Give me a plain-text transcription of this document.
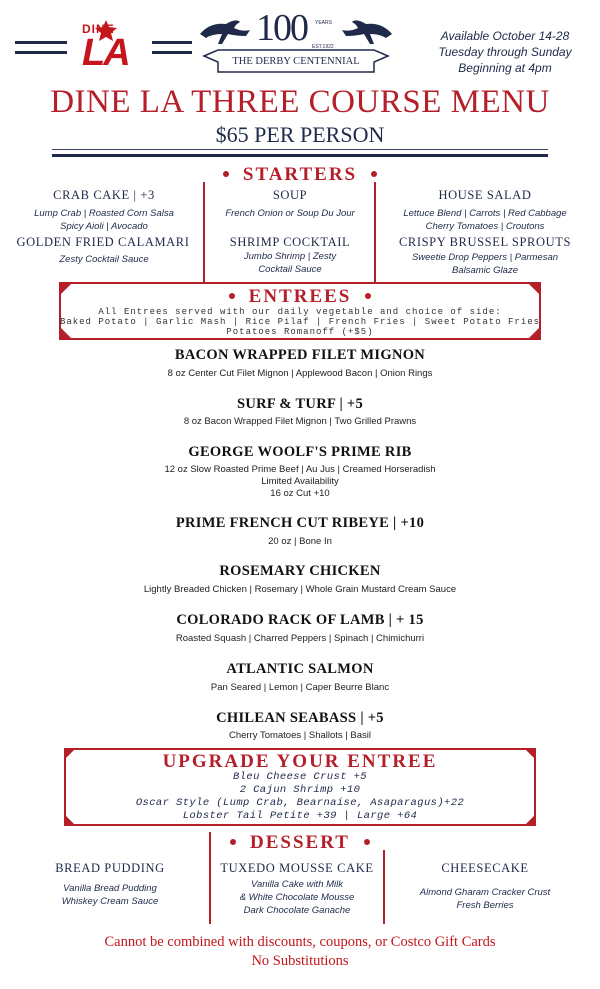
DINE
LA
100 YEARS
EST.1922
THE DERBY CENTENNIAL
Available October 14-28
Tuesday through Sunday
Beginning at 4pm
DINE LA THREE COURSE MENU
$65 PER PERSON
STARTERS
CRAB CAKE | +3
Lump Crab | Roasted Corn Salsa
Spicy Aioli | Avocado
GOLDEN FRIED CALAMARI
Zesty Cocktail Sauce
SOUP
French Onion or Soup Du Jour
SHRIMP COCKTAIL
Jumbo Shrimp | Zesty
Cocktail Sauce
HOUSE SALAD
Lettuce Blend | Carrots | Red Cabbage
Cherry Tomatoes | Croutons
CRISPY BRUSSEL SPROUTS
Sweetie Drop Peppers | Parmesan
Balsamic Glaze
ENTREES
All Entrees served with our daily vegetable and choice of side:
Baked Potato | Garlic Mash | Rice Pilaf | French Fries | Sweet Potato Fries
Potatoes Romanoff (+$5)
BACON WRAPPED FILET MIGNON
8 oz Center Cut Filet Mignon | Applewood Bacon | Onion Rings
SURF & TURF | +5
8 oz Bacon Wrapped Filet Mignon | Two Grilled Prawns
GEORGE WOOLF'S PRIME RIB
12 oz Slow Roasted Prime Beef | Au Jus | Creamed Horseradish
Limited Availability
16 oz Cut +10
PRIME FRENCH CUT RIBEYE | +10
20 oz | Bone In
ROSEMARY CHICKEN
Lightly Breaded Chicken | Rosemary | Whole Grain Mustard Cream Sauce
COLORADO RACK OF LAMB | + 15
Roasted Squash | Charred Peppers | Spinach | Chimichurri
ATLANTIC SALMON
Pan Seared | Lemon | Caper Beurre Blanc
CHILEAN SEABASS | +5
Cherry Tomatoes | Shallots | Basil
UPGRADE YOUR ENTREE
Bleu Cheese Crust +5
2 Cajun Shrimp +10
Oscar Style (Lump Crab, Bearnaise, Asaparagus)+22
Lobster Tail Petite +39 | Large +64
DESSERT
BREAD PUDDING
Vanilla Bread Pudding
Whiskey Cream Sauce
TUXEDO MOUSSE CAKE
Vanilla Cake with Milk
& White Chocolate Mousse
Dark Chocolate Ganache
CHEESECAKE
Almond Gharam Cracker Crust
Fresh Berries
Cannot be combined with discounts, coupons, or Costco Gift Cards
No Substitutions
